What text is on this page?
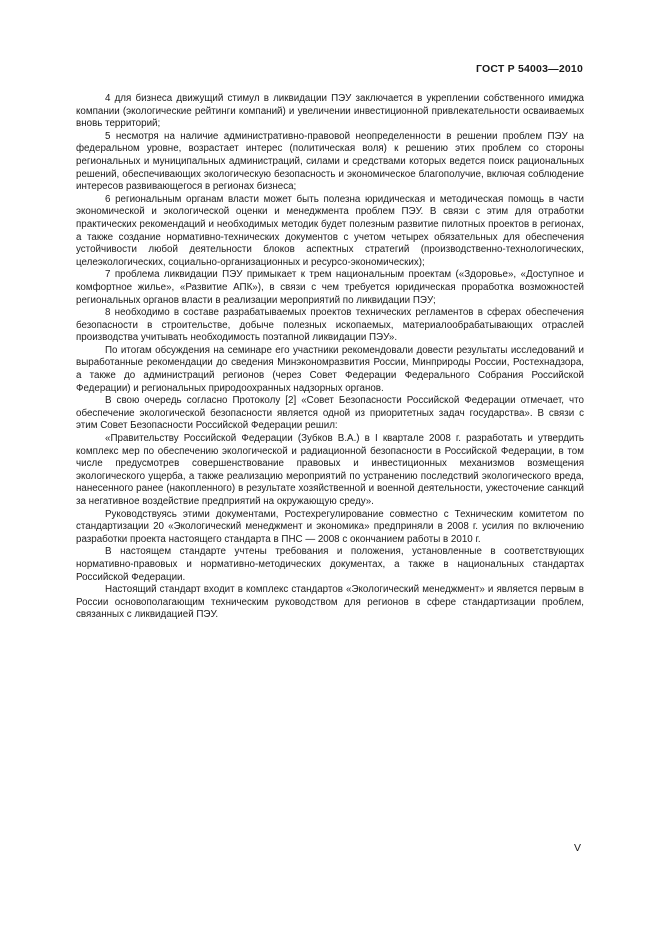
ГОСТ Р 54003—2010

4 для бизнеса движущий стимул в ликвидации ПЭУ заключается в укреплении собственного имиджа компании (экологические рейтинги компаний) и увеличении инвестиционной привлекательности осваиваемых вновь территорий;

5 несмотря на наличие административно-правовой неопределенности в решении проблем ПЭУ на федеральном уровне, возрастает интерес (политическая воля) к решению этих проблем со стороны региональных и муниципальных администраций, силами и средствами которых ведется поиск рациональных решений, обеспечивающих экологическую безопасность и экономическое благополучие, включая соблюдение интересов развивающегося в регионах бизнеса;

6 региональным органам власти может быть полезна юридическая и методическая помощь в части экономической и экологической оценки и менеджмента проблем ПЭУ. В связи с этим для отработки практических рекомендаций и необходимых методик будет полезным развитие пилотных проектов в регионах, а также создание нормативно-технических документов с учетом четырех обязательных для обеспечения устойчивости любой деятельности блоков аспектных стратегий (производственно-технологических, целеэкологических, социально-организационных и ресурсо-экономических);

7 проблема ликвидации ПЭУ примыкает к трем национальным проектам («Здоровье», «Доступное и комфортное жилье», «Развитие АПК»), в связи с чем требуется юридическая проработка возможностей региональных органов власти в реализации мероприятий по ликвидации ПЭУ;

8 необходимо в составе разрабатываемых проектов технических регламентов в сферах обеспечения безопасности в строительстве, добыче полезных ископаемых, материалообрабатывающих отраслей производства учитывать необходимость поэтапной ликвидации ПЭУ».

По итогам обсуждения на семинаре его участники рекомендовали довести результаты исследований и выработанные рекомендации до сведения Минэкономразвития России, Минприроды России, Ростехнадзора, а также до администраций регионов (через Совет Федерации Федерального Собрания Российской Федерации) и региональных природоохранных надзорных органов.

В свою очередь согласно Протоколу [2] «Совет Безопасности Российской Федерации отмечает, что обеспечение экологической безопасности является одной из приоритетных задач государства». В связи с этим Совет Безопасности Российской Федерации решил:

«Правительству Российской Федерации (Зубков В.А.) в I квартале 2008 г. разработать и утвердить комплекс мер по обеспечению экологической и радиационной безопасности в Российской Федерации, в том числе предусмотрев совершенствование правовых и инвестиционных механизмов возмещения экологического ущерба, а также реализацию мероприятий по устранению последствий экологического вреда, нанесенного ранее (накопленного) в результате хозяйственной и военной деятельности, ужесточение санкций за негативное воздействие предприятий на окружающую среду».

Руководствуясь этими документами, Ростехрегулирование совместно с Техническим комитетом по стандартизации 20 «Экологический менеджмент и экономика» предприняли в 2008 г. усилия по включению разработки проекта настоящего стандарта в ПНС — 2008 с окончанием работы в 2010 г.

В настоящем стандарте учтены требования и положения, установленные в соответствующих нормативно-правовых и нормативно-методических документах, а также в национальных стандартах Российской Федерации.

Настоящий стандарт входит в комплекс стандартов «Экологический менеджмент» и является первым в России основополагающим техническим руководством для регионов в сфере стандартизации проблем, связанных с ликвидацией ПЭУ.

V
